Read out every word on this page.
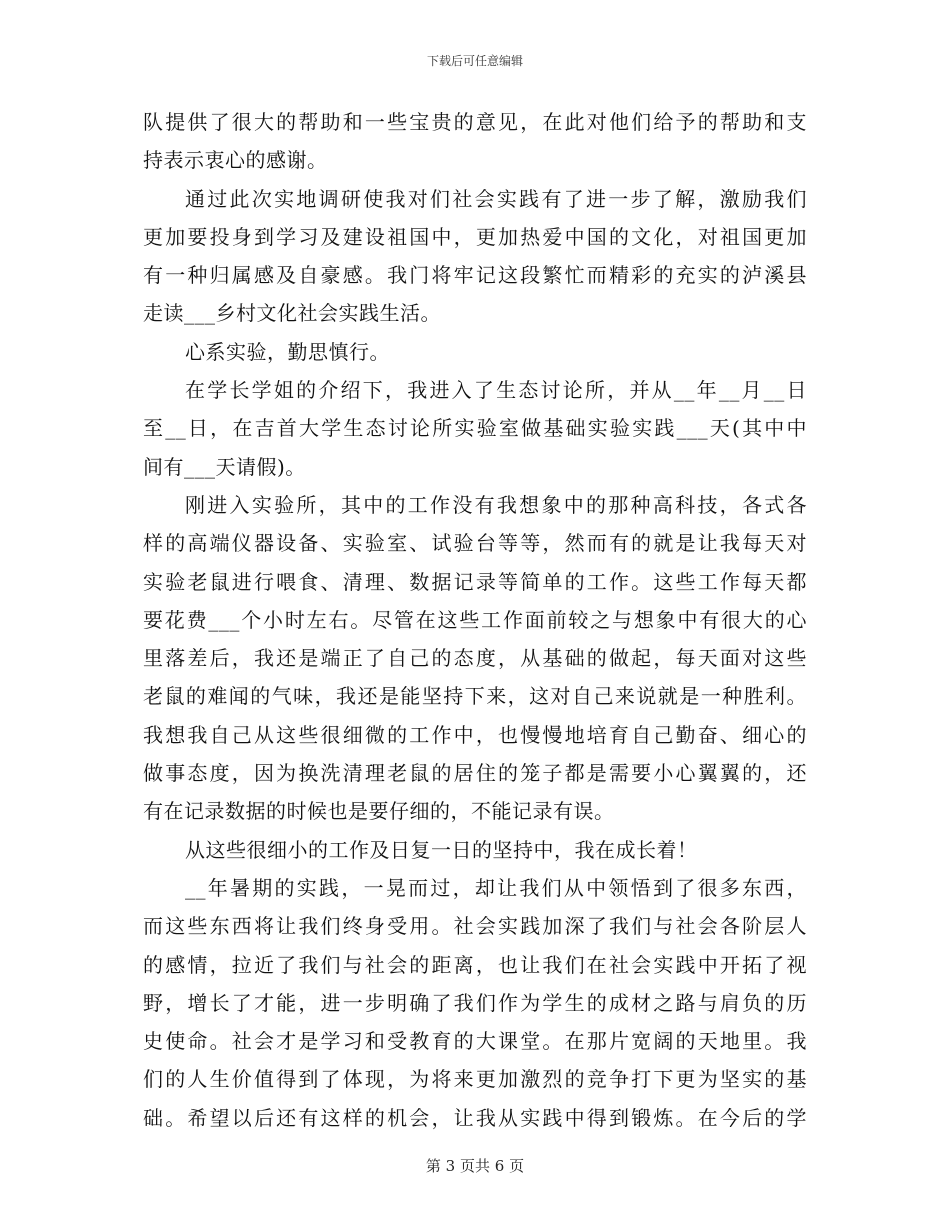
下载后可任意编辑
队提供了很大的帮助和一些宝贵的意见，在此对他们给予的帮助和支
持表示衷心的感谢。
通过此次实地调研使我对们社会实践有了进一步了解，激励我们
更加要投身到学习及建设祖国中，更加热爱中国的文化，对祖国更加
有一种归属感及自豪感。我门将牢记这段繁忙而精彩的充实的泸溪县
走读___乡村文化社会实践生活。
心系实验，勤思慎行。
在学长学姐的介绍下，我进入了生态讨论所，并从__年__月__日
至__日，在吉首大学生态讨论所实验室做基础实验实践___天(其中中
间有___天请假)。
刚进入实验所，其中的工作没有我想象中的那种高科技，各式各
样的高端仪器设备、实验室、试验台等等，然而有的就是让我每天对
实验老鼠进行喂食、清理、数据记录等简单的工作。这些工作每天都
要花费___个小时左右。尽管在这些工作面前较之与想象中有很大的心
里落差后，我还是端正了自己的态度，从基础的做起，每天面对这些
老鼠的难闻的气味，我还是能坚持下来，这对自己来说就是一种胜利。
我想我自己从这些很细微的工作中，也慢慢地培育自己勤奋、细心的
做事态度，因为换洗清理老鼠的居住的笼子都是需要小心翼翼的，还
有在记录数据的时候也是要仔细的，不能记录有误。
从这些很细小的工作及日复一日的坚持中，我在成长着！
__年暑期的实践，一晃而过，却让我们从中领悟到了很多东西，
而这些东西将让我们终身受用。社会实践加深了我们与社会各阶层人
的感情，拉近了我们与社会的距离，也让我们在社会实践中开拓了视
野，增长了才能，进一步明确了我们作为学生的成材之路与肩负的历
史使命。社会才是学习和受教育的大课堂。在那片宽阔的天地里。我
们的人生价值得到了体现，为将来更加激烈的竞争打下更为坚实的基
础。希望以后还有这样的机会，让我从实践中得到锻炼。在今后的学
第 3 页共 6 页
